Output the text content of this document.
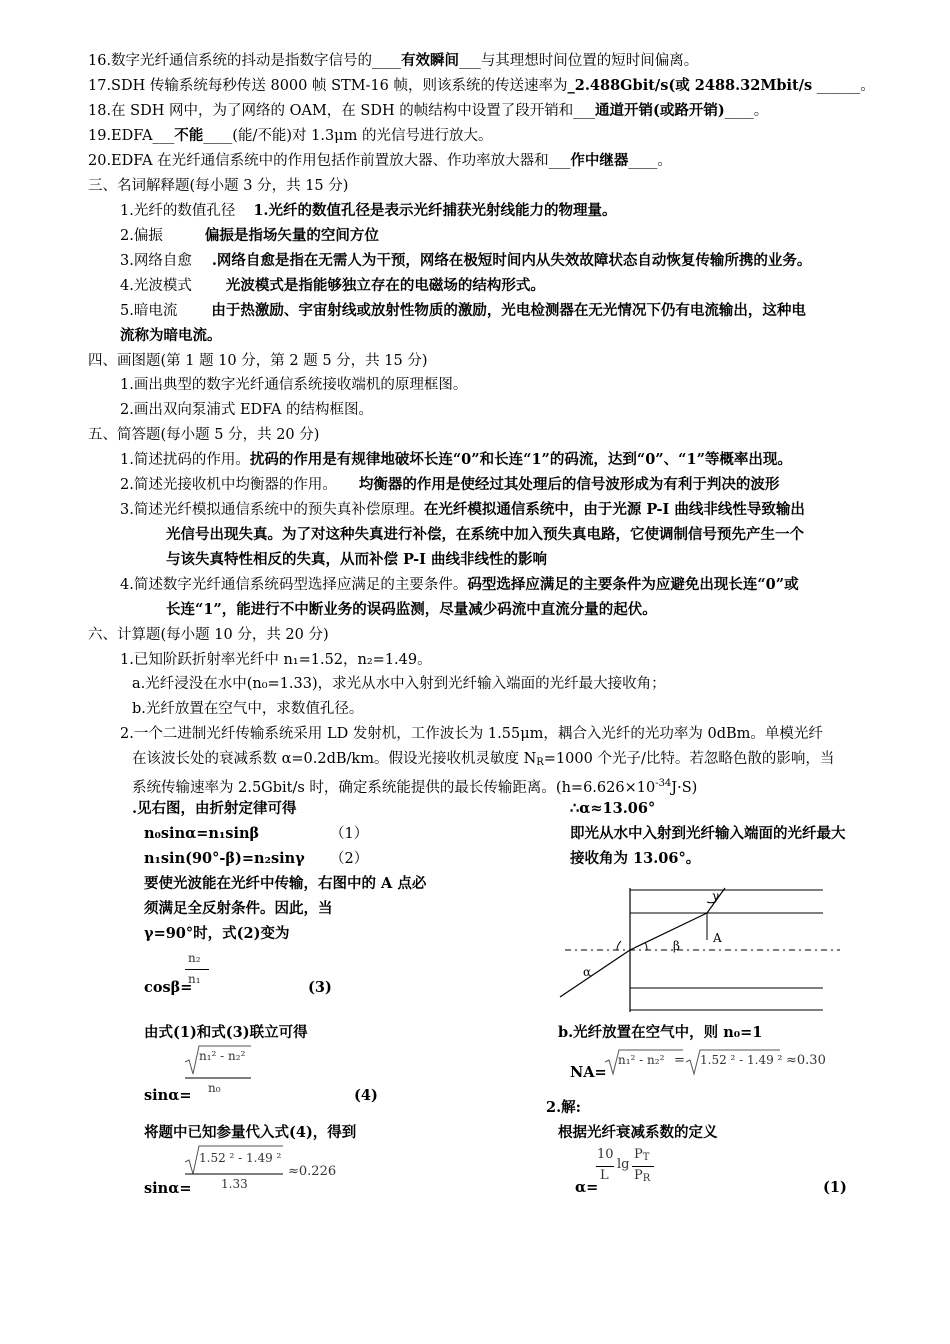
16.数字光纤通信系统的抖动是指数字信号的____有效瞬间___与其理想时间位置的短时间偏离。
17.SDH 传输系统每秒传送 8000 帧 STM-16 帧，则该系统的传送速率为_2.488Gbit/s(或 2488.32Mbit/s ______。
18.在 SDH 网中，为了网络的 OAM，在 SDH 的帧结构中设置了段开销和___通道开销(或路开销)____。
19.EDFA___不能____(能/不能)对 1.3μm 的光信号进行放大。
20.EDFA 在光纤通信系统中的作用包括作前置放大器、作功率放大器和___作中继器____。
三、名词解释题(每小题 3 分，共 15 分)
1.光纤的数值孔径 1.光纤的数值孔径是表示光纤捕获光射线能力的物理量。
2.偏振	偏振是指场矢量的空间方位
3.网络自愈 .网络自愈是指在无需人为干预，网络在极短时间内从失效故障状态自动恢复传输所携的业务。
4.光波模式 光波模式是指能够独立存在的电磁场的结构形式。
5.暗电流 由于热激励、宇宙射线或放射性物质的激励，光电检测器在无光情况下仍有电流输出，这种电
流称为暗电流。
四、画图题(第 1 题 10 分，第 2 题 5 分，共 15 分)
1.画出典型的数字光纤通信系统接收端机的原理框图。
2.画出双向泵浦式 EDFA 的结构框图。
五、简答题(每小题 5 分，共 20 分)
1.简述扰码的作用。扰码的作用是有规律地破坏长连“0”和长连“1”的码流，达到“0”、“1”等概率出现。
2.简述光接收机中均衡器的作用。 均衡器的作用是使经过其处理后的信号波形成为有利于判决的波形
3.简述光纤模拟通信系统中的预失真补偿原理。在光纤模拟通信系统中，由于光源 P-I 曲线非线性导致输出
光信号出现失真。为了对这种失真进行补偿，在系统中加入预失真电路，它使调制信号预先产生一个
与该失真特性相反的失真，从而补偿 P-I 曲线非线性的影响
4.简述数字光纤通信系统码型选择应满足的主要条件。码型选择应满足的主要条件为应避免出现长连“0”或
长连“1”，能进行不中断业务的误码监测，尽量减少码流中直流分量的起伏。
六、计算题(每小题 10 分，共 20 分)
1.已知阶跃折射率光纤中 n₁=1.52，n₂=1.49。
a.光纤浸没在水中(n₀=1.33)，求光从水中入射到光纤输入端面的光纤最大接收角；
b.光纤放置在空气中，求数值孔径。
2.一个二进制光纤传输系统采用 LD 发射机，工作波长为 1.55μm，耦合入光纤的光功率为 0dBm。单模光纤
在该波长处的衰减系数 α=0.2dB/km。假设光接收机灵敏度 $N_R=1000$ 个光子/比特。若忽略色散的影响，当
系统传输速率为 2.5Gbit/s 时，确定系统能提供的最长传输距离。$(h=6.626\times 10^{-34}J\cdot S)$
.见右图，由折射定律可得
n₀sinα=n₁sinβ	（1）
n₁sin(90°-β)=n₂sinγ （2）
要使光波能在光纤中传输，右图中的 A 点必
须满足全反射条件。因此，当
γ=90°时，式(2)变为
n₂
n₁
cosβ=	(3)
由式(1)和式(3)联立可得
n₁² - n₂²
n₀
sinα=	(4)
将题中已知参量代入式(4)，得到
1.52 ² - 1.49 ²
1.33
≈0.226
sinα=
∴α≈13.06°
即光从水中入射到光纤输入端面的光纤最大
接收角为 13.06°。
γ
A
β
α
b.光纤放置在空气中，则 n₀=1
NA=
n₁² - n₂² = 1.52 ² - 1.49 ² ≈0.30
2.解:
根据光纤衰减系数的定义
10
L
lg
$P_T$
$P_R$
α=	(1)
